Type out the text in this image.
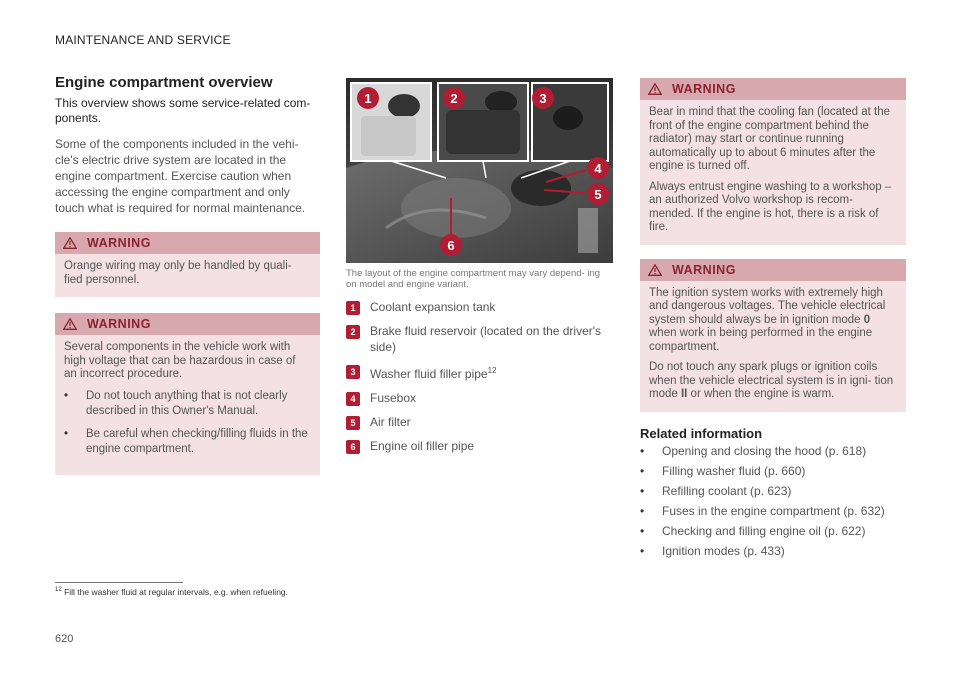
MAINTENANCE AND SERVICE
Engine compartment overview

This overview shows some service-related com- ponents.

Some of the components included in the vehi- cle's electric drive system are located in the engine compartment. Exercise caution when accessing the engine compartment and only touch what is required for normal maintenance.

WARNING

Orange wiring may only be handled by quali- fied personnel.

WARNING

Several components in the vehicle work with high voltage that can be hazardous in case of an incorrect procedure.

• Do not touch anything that is not clearly described in this Owner's Manual.
• Be careful when checking/filling fluids in the engine compartment.
1	2	3
4
5
6

The layout of the engine compartment may vary depend- ing on model and engine variant.

1	Coolant expansion tank
2	Brake fluid reservoir (located on the driver's side)
3	Washer fluid filler pipe$^{12}$
4	Fusebox
5	Air filter
6	Engine oil filler pipe
WARNING

Bear in mind that the cooling fan (located at the front of the engine compartment behind the radiator) may start or continue running automatically up to about 6 minutes after the engine is turned off.

Always entrust engine washing to a workshop – an authorized Volvo workshop is recom- mended. If the engine is hot, there is a risk of fire.

WARNING

The ignition system works with extremely high and dangerous voltages. The vehicle electrical system should always be in ignition mode 0 when work in being performed in the engine compartment.

Do not touch any spark plugs or ignition coils when the vehicle electrical system is in igni- tion mode II or when the engine is warm.

Related information
• Opening and closing the hood (p. 618)
• Filling washer fluid (p. 660)
• Refilling coolant (p. 623)
• Fuses in the engine compartment (p. 632)
• Checking and filling engine oil (p. 622)
• Ignition modes (p. 433)
$^{12}$ Fill the washer fluid at regular intervals, e.g. when refueling.
620
